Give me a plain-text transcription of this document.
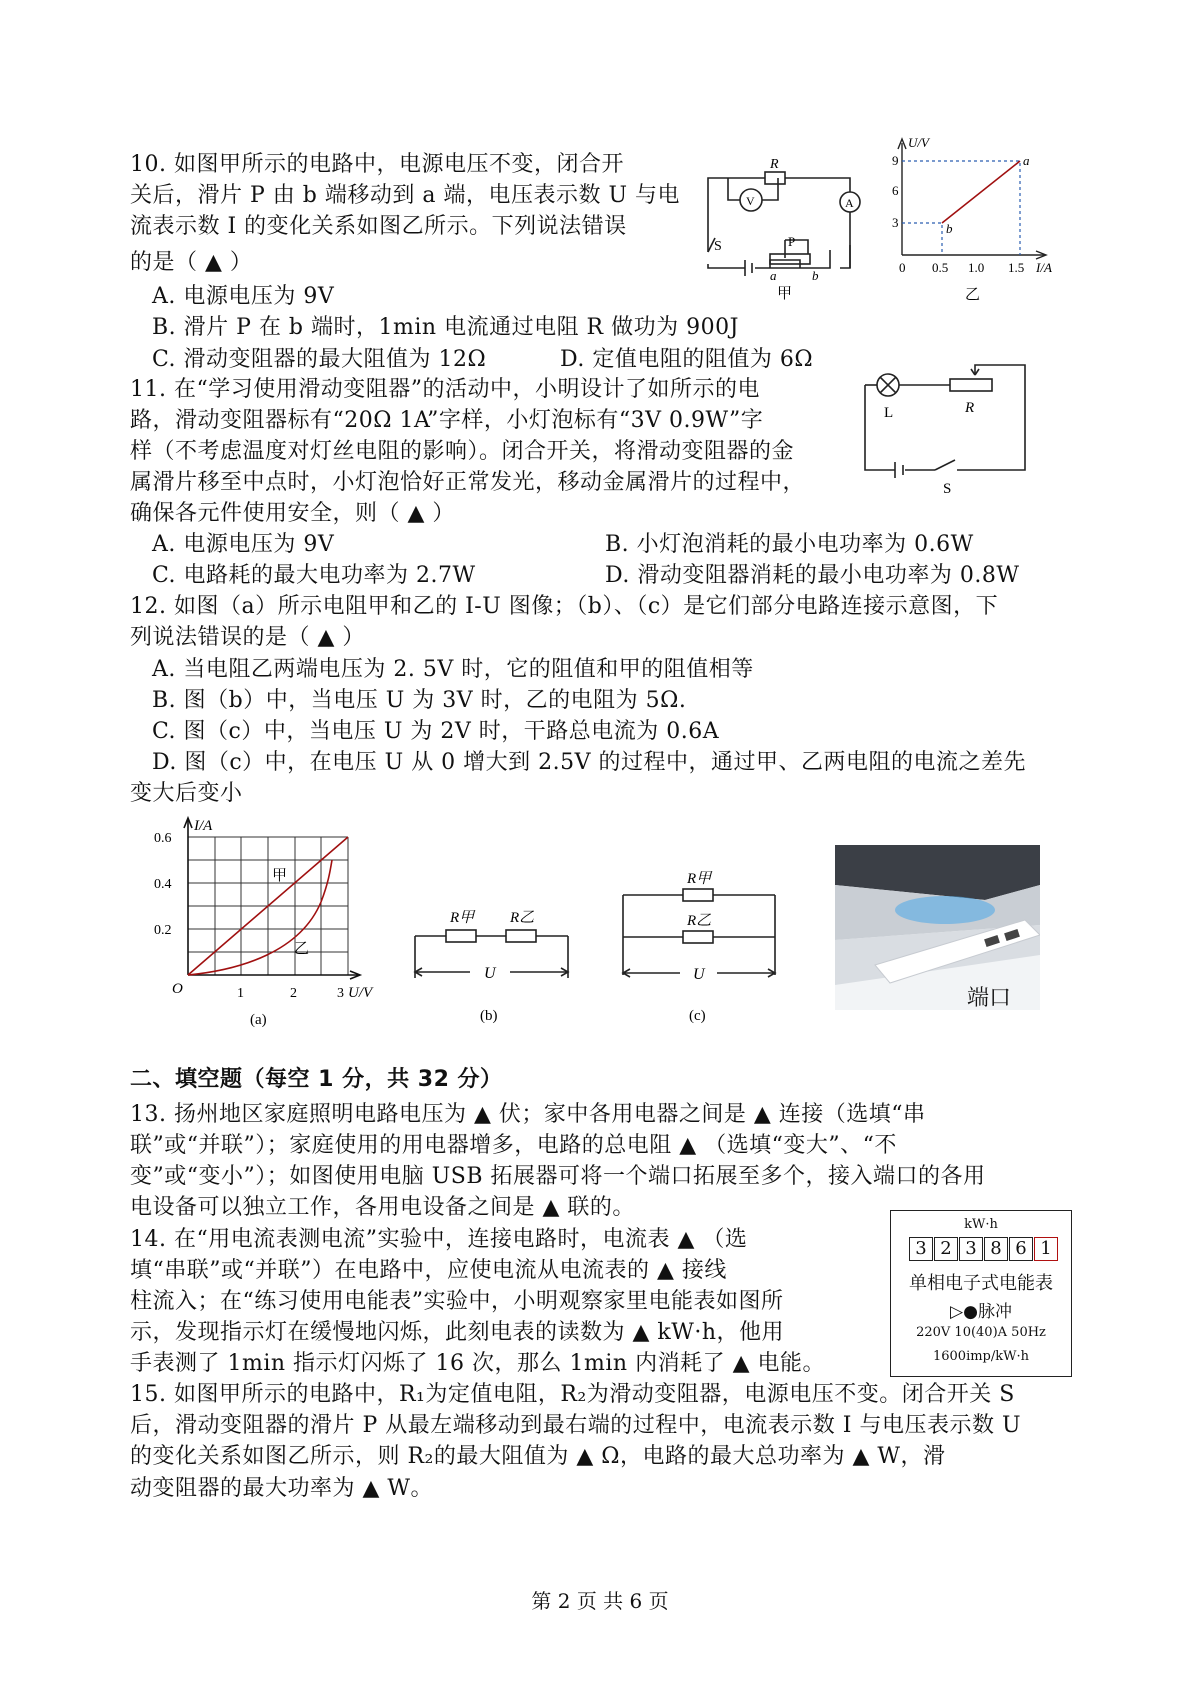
10. 如图甲所示的电路中，电源电压不变，闭合开
关后，滑片 P 由 b 端移动到 a 端，电压表示数 U 与电
流表示数 I 的变化关系如图乙所示。下列说法错误
的是（ ▲ ）
A. 电源电压为 9V
B. 滑片 P 在 b 端时，1min 电流通过电阻 R 做功为 900J
C. 滑动变阻器的最大阻值为 12Ω	D. 定值电阻的阻值为 6Ω
R
V	A
S	P
a	b
甲
U/V
I/A
9
6
3
0 0.5 1.0 1.5
b
a
乙
11. 在“学习使用滑动变阻器”的活动中，小明设计了如所示的电
路，滑动变阻器标有“20Ω 1A”字样，小灯泡标有“3V 0.9W”字
样（不考虑温度对灯丝电阻的影响）。闭合开关，将滑动变阻器的金
属滑片移至中点时，小灯泡恰好正常发光，移动金属滑片的过程中，
确保各元件使用安全，则（ ▲ ）
A. 电源电压为 9V	B. 小灯泡消耗的最小电功率为 0.6W
C. 电路耗的最大电功率为 2.7W	D. 滑动变阻器消耗的最小电功率为 0.8W
L	R
S
12. 如图（a）所示电阻甲和乙的 I-U 图像；（b）、（c）是它们部分电路连接示意图，下
列说法错误的是（ ▲ ）
A. 当电阻乙两端电压为 2. 5V 时，它的阻值和甲的阻值相等
B. 图（b）中，当电压 U 为 3V 时，乙的电阻为 5Ω.
C. 图（c）中，当电压 U 为 2V 时，干路总电流为 0.6A
D. 图（c）中，在电压 U 从 0 增大到 2.5V 的过程中，通过甲、乙两电阻的电流之差先
变大后变小
I/A
U/V
0.6
0.4
0.2
O	1	2	3
甲
乙
(a)
R甲 R乙
U
(b)
R甲
R乙
U
(c)
端口
二、填空题（每空 1 分，共 32 分）
13. 扬州地区家庭照明电路电压为 ▲ 伏；家中各用电器之间是 ▲ 连接（选填“串
联”或“并联”）；家庭使用的用电器增多，电路的总电阻 ▲ （选填“变大”、“不
变”或“变小”）；如图使用电脑 USB 拓展器可将一个端口拓展至多个，接入端口的各用
电设备可以独立工作，各用电设备之间是 ▲ 联的。
14. 在“用电流表测电流”实验中，连接电路时，电流表 ▲ （选
填“串联”或“并联”）在电路中，应使电流从电流表的 ▲ 接线
柱流入；在“练习使用电能表”实验中，小明观察家里电能表如图所
示，发现指示灯在缓慢地闪烁，此刻电表的读数为 ▲ kW·h，他用
手表测了 1min 指示灯闪烁了 16 次，那么 1min 内消耗了 ▲ 电能。
kW·h
3 2 3 8 6 1
单相电子式电能表
▷●脉冲
220V 10(40)A 50Hz
1600imp/kW·h
15. 如图甲所示的电路中，R₁为定值电阻，R₂为滑动变阻器，电源电压不变。闭合开关 S
后，滑动变阻器的滑片 P 从最左端移动到最右端的过程中，电流表示数 I 与电压表示数 U
的变化关系如图乙所示，则 R₂的最大阻值为 ▲ Ω，电路的最大总功率为 ▲ W，滑
动变阻器的最大功率为 ▲ W。
第 2 页 共 6 页
